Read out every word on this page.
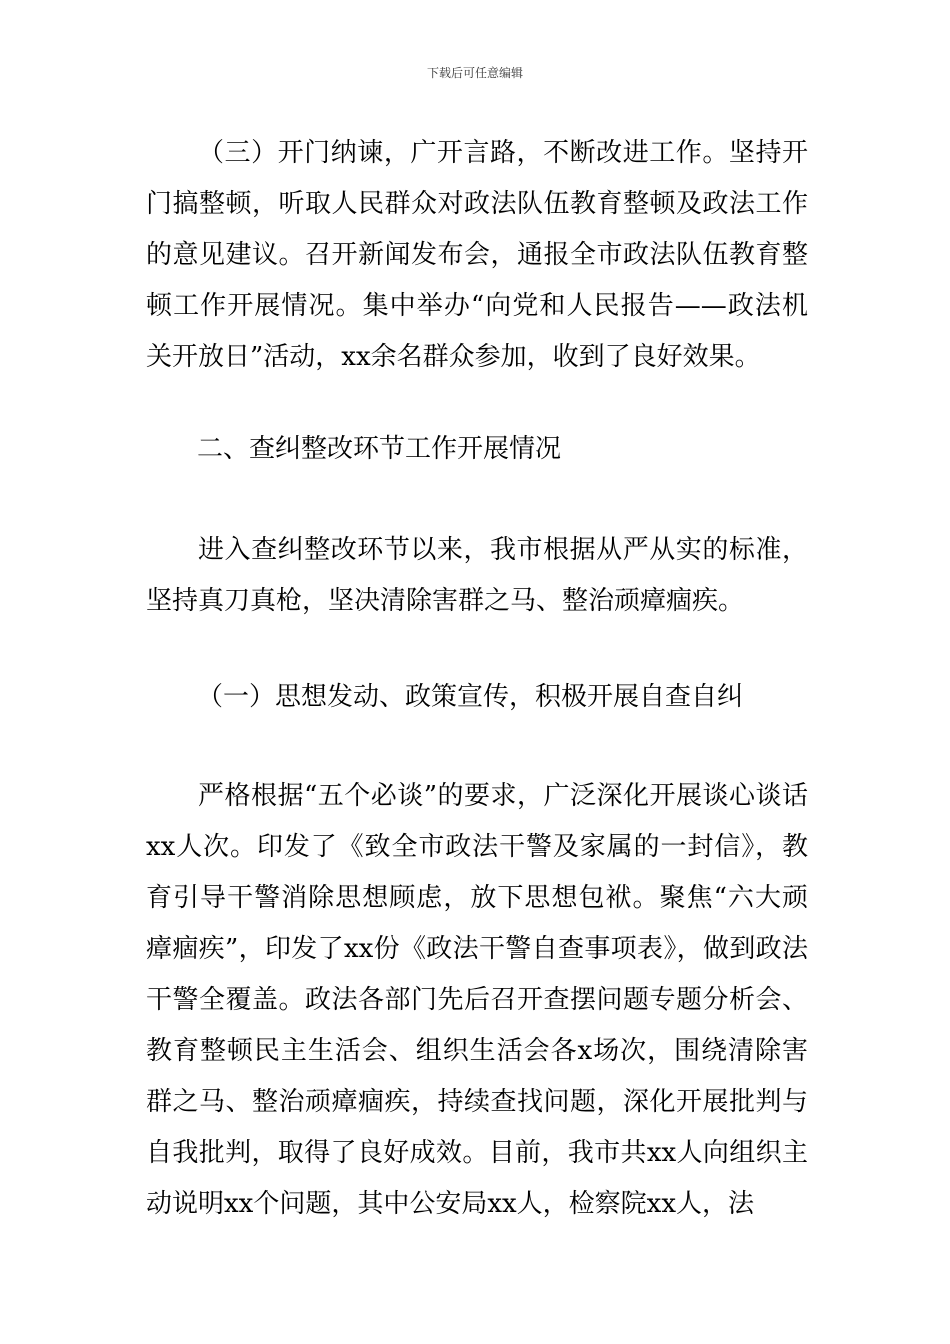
下载后可任意编辑
（三）开门纳谏，广开言路，不断改进工作。坚持开门搞整顿，听取人民群众对政法队伍教育整顿及政法工作的意见建议。召开新闻发布会，通报全市政法队伍教育整顿工作开展情况。集中举办“向党和人民报告——政法机关开放日”活动，xx余名群众参加，收到了良好效果。
二、查纠整改环节工作开展情况
进入查纠整改环节以来，我市根据从严从实的标准，坚持真刀真枪，坚决清除害群之马、整治顽瘴痼疾。
（一）思想发动、政策宣传，积极开展自查自纠
严格根据“五个必谈”的要求，广泛深化开展谈心谈话xx人次。印发了《致全市政法干警及家属的一封信》，教育引导干警消除思想顾虑，放下思想包袱。聚焦“六大顽瘴痼疾”，印发了xx份《政法干警自查事项表》，做到政法干警全覆盖。政法各部门先后召开查摆问题专题分析会、教育整顿民主生活会、组织生活会各x场次，围绕清除害群之马、整治顽瘴痼疾，持续查找问题，深化开展批判与自我批判，取得了良好成效。目前，我市共xx人向组织主动说明xx个问题，其中公安局xx人，检察院xx人，法
